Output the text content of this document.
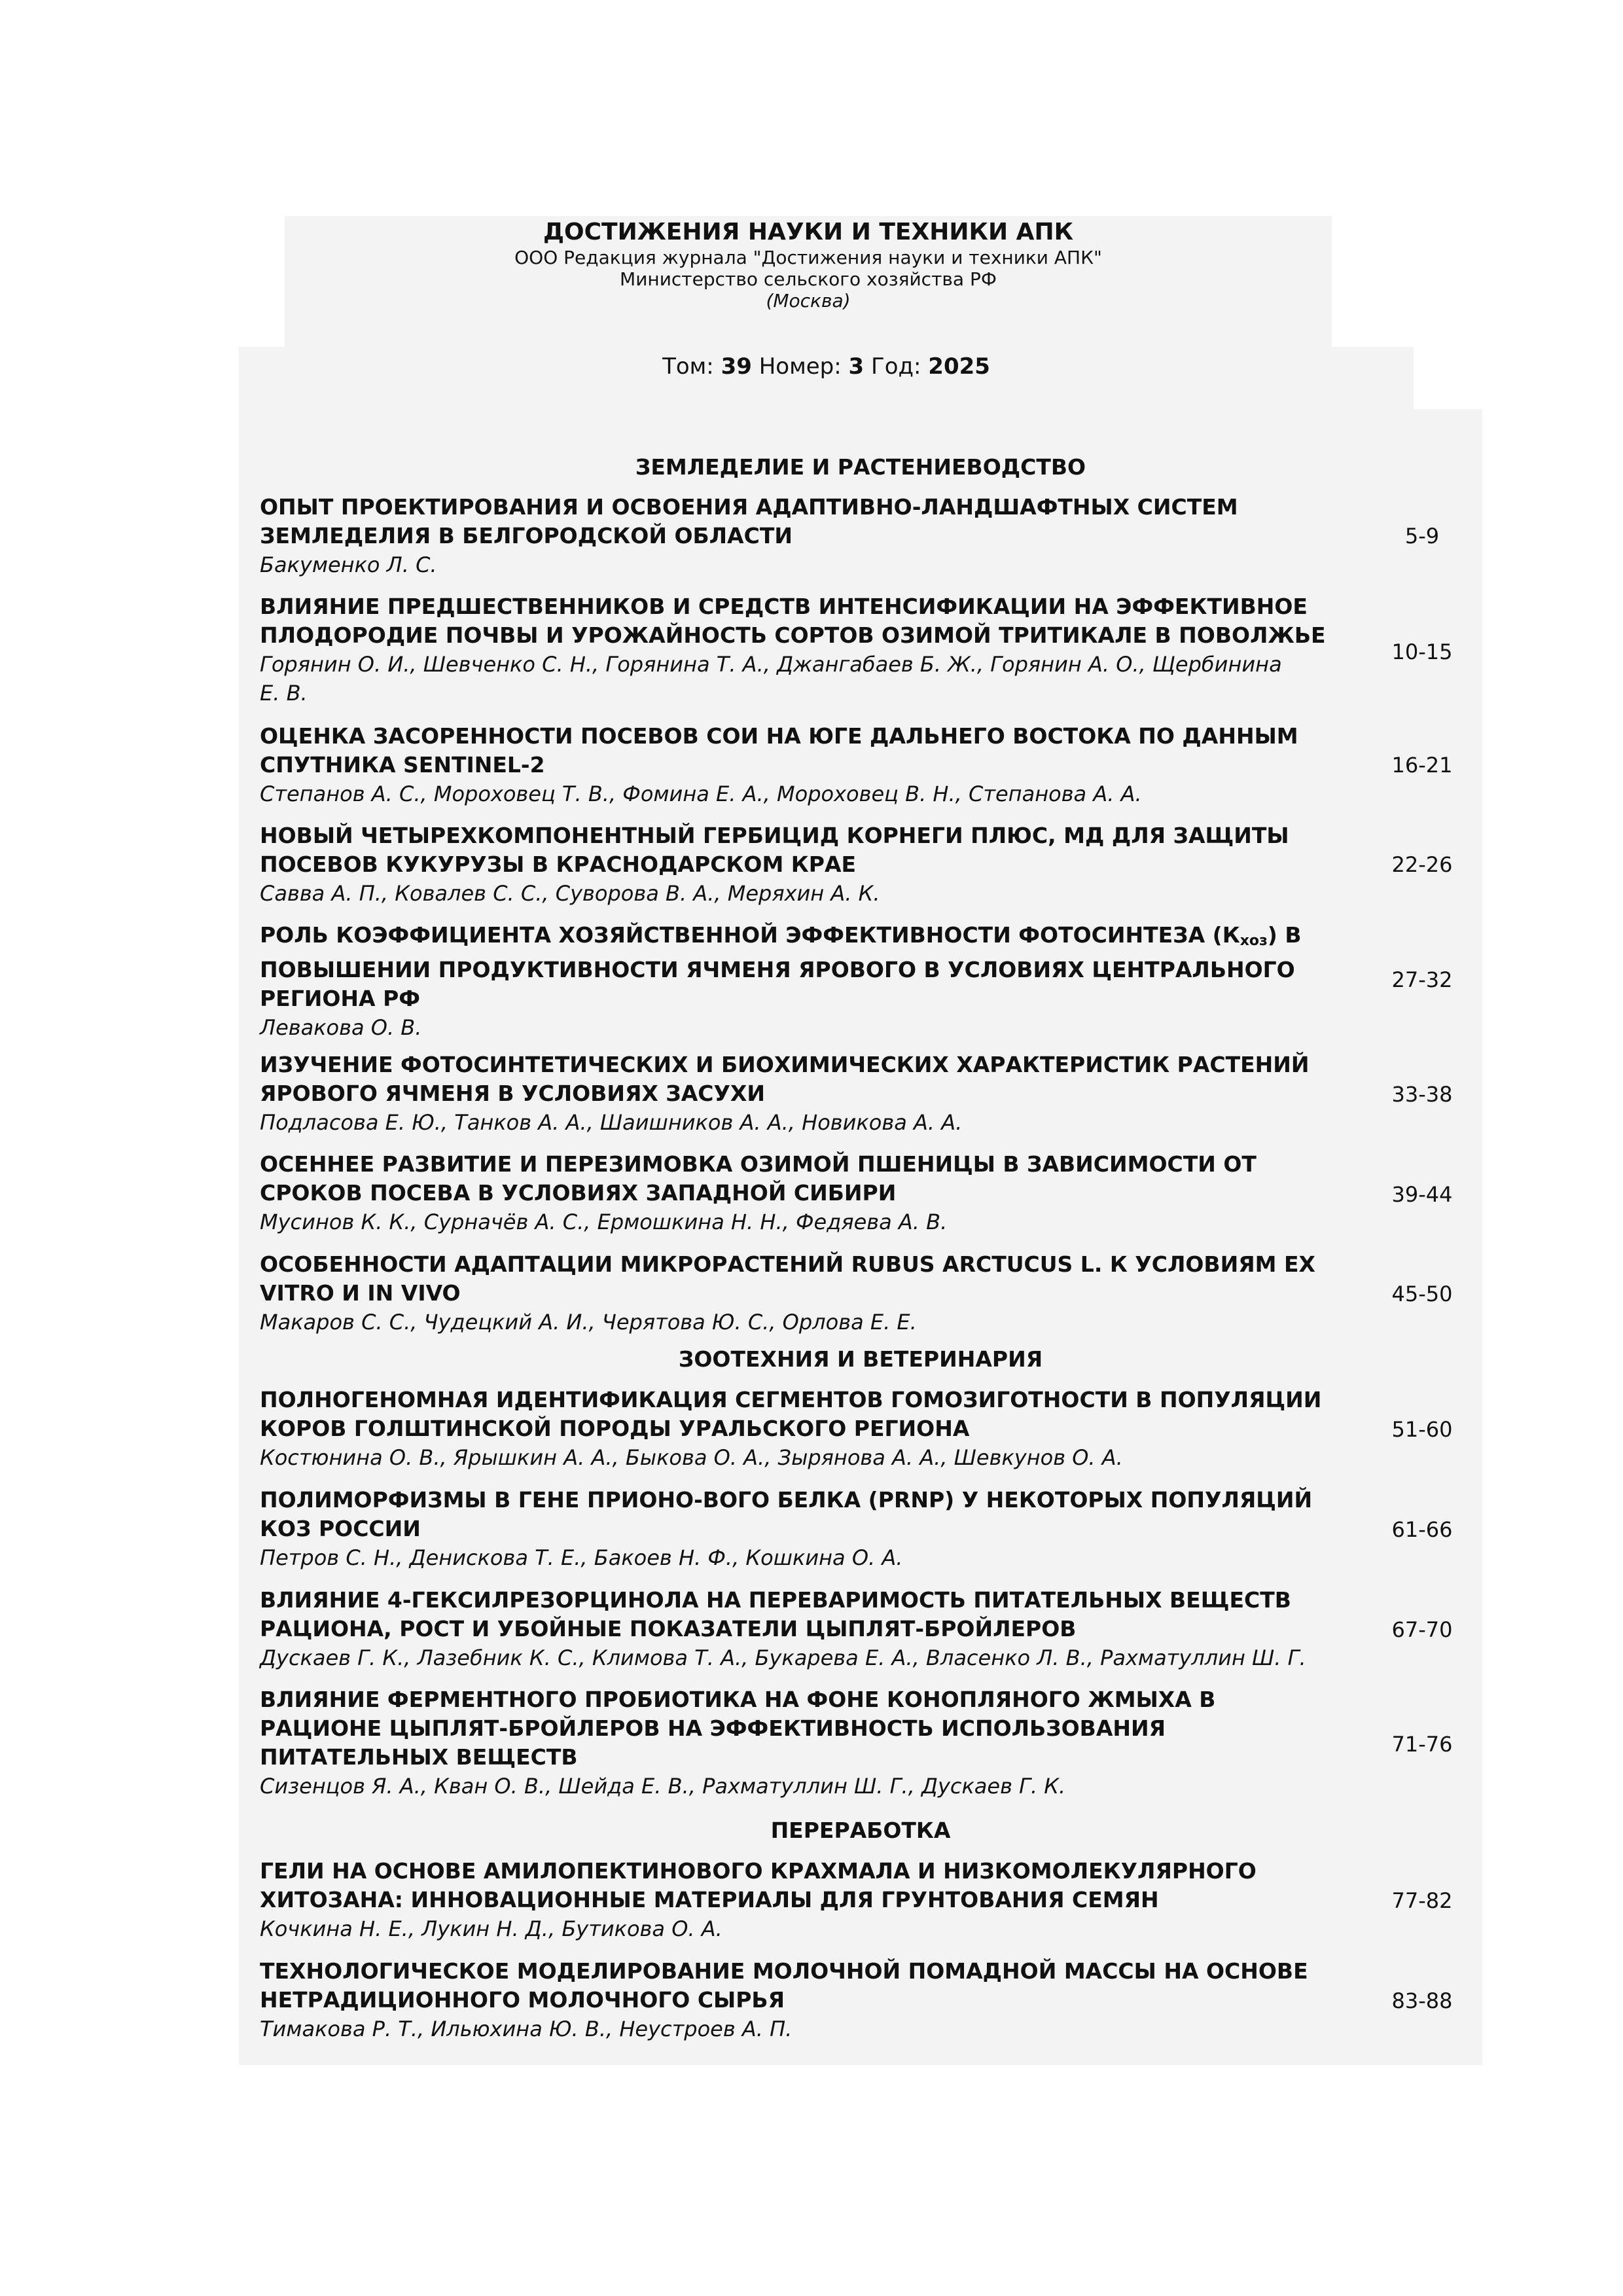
ДОСТИЖЕНИЯ НАУКИ И ТЕХНИКИ АПК
ООО Редакция журнала "Достижения науки и техники АПК"
Министерство сельского хозяйства РФ
(Москва)
Том: 39 Номер: 3 Год: 2025
ЗЕМЛЕДЕЛИЕ И РАСТЕНИЕВОДСТВО
ОПЫТ ПРОЕКТИРОВАНИЯ И ОСВОЕНИЯ АДАПТИВНО-ЛАНДШАФТНЫХ СИСТЕМ
ЗЕМЛЕДЕЛИЯ В БЕЛГОРОДСКОЙ ОБЛАСТИ
Бакуменко Л. С.
5-9
ВЛИЯНИЕ ПРЕДШЕСТВЕННИКОВ И СРЕДСТВ ИНТЕНСИФИКАЦИИ НА ЭФФЕКТИВНОЕ
ПЛОДОРОДИЕ ПОЧВЫ И УРОЖАЙНОСТЬ СОРТОВ ОЗИМОЙ ТРИТИКАЛЕ В ПОВОЛЖЬЕ
Горянин О. И., Шевченко С. Н., Горянина Т. А., Джангабаев Б. Ж., Горянин А. О., Щербинина
Е. В.
10-15
ОЦЕНКА ЗАСОРЕННОСТИ ПОСЕВОВ СОИ НА ЮГЕ ДАЛЬНЕГО ВОСТОКА ПО ДАННЫМ
СПУТНИКА SENTINEL-2
Степанов А. С., Мороховец Т. В., Фомина Е. А., Мороховец В. Н., Степанова А. А.
16-21
НОВЫЙ ЧЕТЫРЕХКОМПОНЕНТНЫЙ ГЕРБИЦИД КОРНЕГИ ПЛЮС, МД ДЛЯ ЗАЩИТЫ
ПОСЕВОВ КУКУРУЗЫ В КРАСНОДАРСКОМ КРАЕ
Савва А. П., Ковалев С. С., Суворова В. А., Меряхин А. К.
22-26
РОЛЬ КОЭФФИЦИЕНТА ХОЗЯЙСТВЕННОЙ ЭФФЕКТИВНОСТИ ФОТОСИНТЕЗА $(К_{хоз})$ В
ПОВЫШЕНИИ ПРОДУКТИВНОСТИ ЯЧМЕНЯ ЯРОВОГО В УСЛОВИЯХ ЦЕНТРАЛЬНОГО
РЕГИОНА РФ
Левакова О. В.
27-32
ИЗУЧЕНИЕ ФОТОСИНТЕТИЧЕСКИХ И БИОХИМИЧЕСКИХ ХАРАКТЕРИСТИК РАСТЕНИЙ
ЯРОВОГО ЯЧМЕНЯ В УСЛОВИЯХ ЗАСУХИ
Подласова Е. Ю., Танков А. А., Шаишников А. А., Новикова А. А.
33-38
ОСЕННЕЕ РАЗВИТИЕ И ПЕРЕЗИМОВКА ОЗИМОЙ ПШЕНИЦЫ В ЗАВИСИМОСТИ ОТ
СРОКОВ ПОСЕВА В УСЛОВИЯХ ЗАПАДНОЙ СИБИРИ
Мусинов К. К., Сурначёв А. С., Ермошкина Н. Н., Федяева А. В.
39-44
ОСОБЕННОСТИ АДАПТАЦИИ МИКРОРАСТЕНИЙ RUBUS ARCTUCUS L. К УСЛОВИЯМ EX
VITRO И IN VIVO
Макаров С. С., Чудецкий А. И., Черятова Ю. С., Орлова Е. Е.
45-50
ЗООТЕХНИЯ И ВЕТЕРИНАРИЯ
ПОЛНОГЕНОМНАЯ ИДЕНТИФИКАЦИЯ СЕГМЕНТОВ ГОМОЗИГОТНОСТИ В ПОПУЛЯЦИИ
КОРОВ ГОЛШТИНСКОЙ ПОРОДЫ УРАЛЬСКОГО РЕГИОНА
Костюнина О. В., Ярышкин А. А., Быкова О. А., Зырянова А. А., Шевкунов О. А.
51-60
ПОЛИМОРФИЗМЫ В ГЕНЕ ПРИОНО-ВОГО БЕЛКА (PRNP) У НЕКОТОРЫХ ПОПУЛЯЦИЙ
КОЗ РОССИИ
Петров С. Н., Денискова Т. Е., Бакоев Н. Ф., Кошкина О. А.
61-66
ВЛИЯНИЕ 4-ГЕКСИЛРЕЗОРЦИНОЛА НА ПЕРЕВАРИМОСТЬ ПИТАТЕЛЬНЫХ ВЕЩЕСТВ
РАЦИОНА, РОСТ И УБОЙНЫЕ ПОКАЗАТЕЛИ ЦЫПЛЯТ-БРОЙЛЕРОВ
Дускаев Г. К., Лазебник К. С., Климова Т. А., Букарева Е. А., Власенко Л. В., Рахматуллин Ш. Г.
67-70
ВЛИЯНИЕ ФЕРМЕНТНОГО ПРОБИОТИКА НА ФОНЕ КОНОПЛЯНОГО ЖМЫХА В
РАЦИОНЕ ЦЫПЛЯТ-БРОЙЛЕРОВ НА ЭФФЕКТИВНОСТЬ ИСПОЛЬЗОВАНИЯ
ПИТАТЕЛЬНЫХ ВЕЩЕСТВ
Сизенцов Я. А., Кван О. В., Шейда Е. В., Рахматуллин Ш. Г., Дускаев Г. К.
71-76
ПЕРЕРАБОТКА
ГЕЛИ НА ОСНОВЕ АМИЛОПЕКТИНОВОГО КРАХМАЛА И НИЗКОМОЛЕКУЛЯРНОГО
ХИТОЗАНА: ИННОВАЦИОННЫЕ МАТЕРИАЛЫ ДЛЯ ГРУНТОВАНИЯ СЕМЯН
Кочкина Н. Е., Лукин Н. Д., Бутикова О. А.
77-82
ТЕХНОЛОГИЧЕСКОЕ МОДЕЛИРОВАНИЕ МОЛОЧНОЙ ПОМАДНОЙ МАССЫ НА ОСНОВЕ
НЕТРАДИЦИОННОГО МОЛОЧНОГО СЫРЬЯ
Тимакова Р. Т., Ильюхина Ю. В., Неустроев А. П.
83-88
